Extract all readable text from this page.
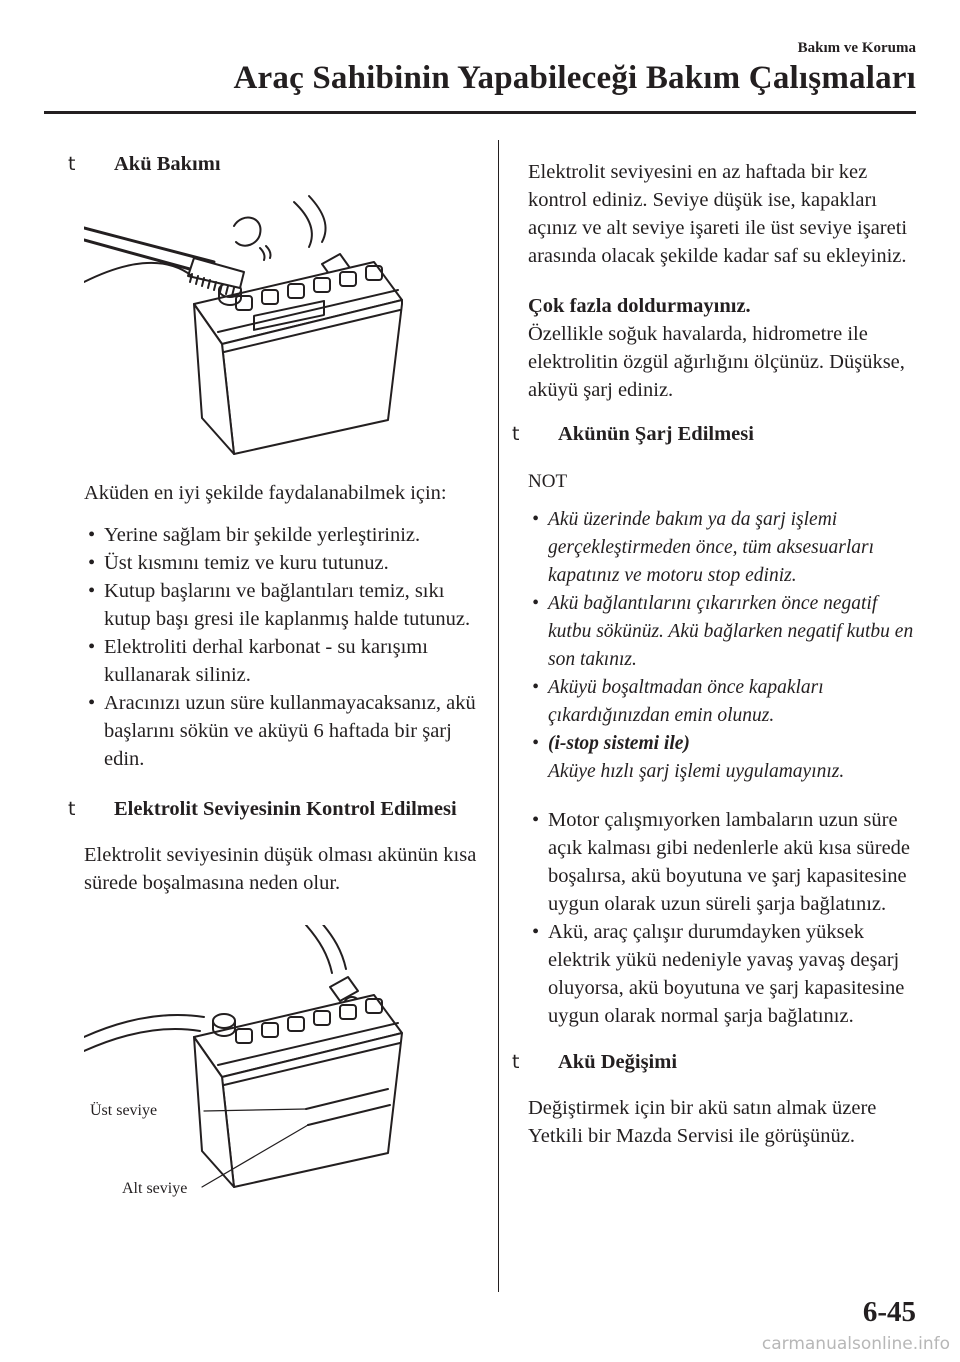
Bakım ve Koruma
Araç Sahibinin Yapabileceği Bakım Çalışmaları
t Akü Bakımı

Aküden en iyi şekilde faydalanabilmek için:

• Yerine sağlam bir şekilde yerleştiriniz.
• Üst kısmını temiz ve kuru tutunuz.
• Kutup başlarını ve bağlantıları temiz, sıkı kutup başı gresi ile kaplanmış halde tutunuz.
• Elektroliti derhal karbonat - su karışımı kullanarak siliniz.
• Aracınızı uzun süre kullanmayacaksanız, akü başlarını sökün ve aküyü 6 haftada bir şarj edin.
t Elektrolit Seviyesinin Kontrol Edilmesi

Elektrolit seviyesinin düşük olması akünün kısa sürede boşalmasına neden olur.

Üst seviye
Alt seviye

Elektrolit seviyesini en az haftada bir kez kontrol ediniz. Seviye düşük ise, kapakları açınız ve alt seviye işareti ile üst seviye işareti arasında olacak şekilde kadar saf su ekleyiniz.

Çok fazla doldurmayınız.

Özellikle soğuk havalarda, hidrometre ile elektrolitin özgül ağırlığını ölçünüz. Düşükse, aküyü şarj ediniz.

t Akünün Şarj Edilmesi

NOT

• Akü üzerinde bakım ya da şarj işlemi gerçekleştirmeden önce, tüm aksesuarları kapatınız ve motoru stop ediniz.
• Akü bağlantılarını çıkarırken önce negatif kutbu sökünüz. Akü bağlarken negatif kutbu en son takınız.
• Aküyü boşaltmadan önce kapakları çıkardığınızdan emin olunuz.
• (i-stop sistemi ile)
Aküye hızlı şarj işlemi uygulamayınız.
• Motor çalışmıyorken lambaların uzun süre açık kalması gibi nedenlerle akü kısa sürede boşalırsa, akü boyutuna ve şarj kapasitesine uygun olarak uzun süreli şarja bağlatınız.
• Akü, araç çalışır durumdayken yüksek elektrik yükü nedeniyle yavaş yavaş deşarj oluyorsa, akü boyutuna ve şarj kapasitesine uygun olarak normal şarja bağlatınız.
t Akü Değişimi

Değiştirmek için bir akü satın almak üzere Yetkili bir Mazda Servisi ile görüşünüz.

6-45
carmanualsonline.info
